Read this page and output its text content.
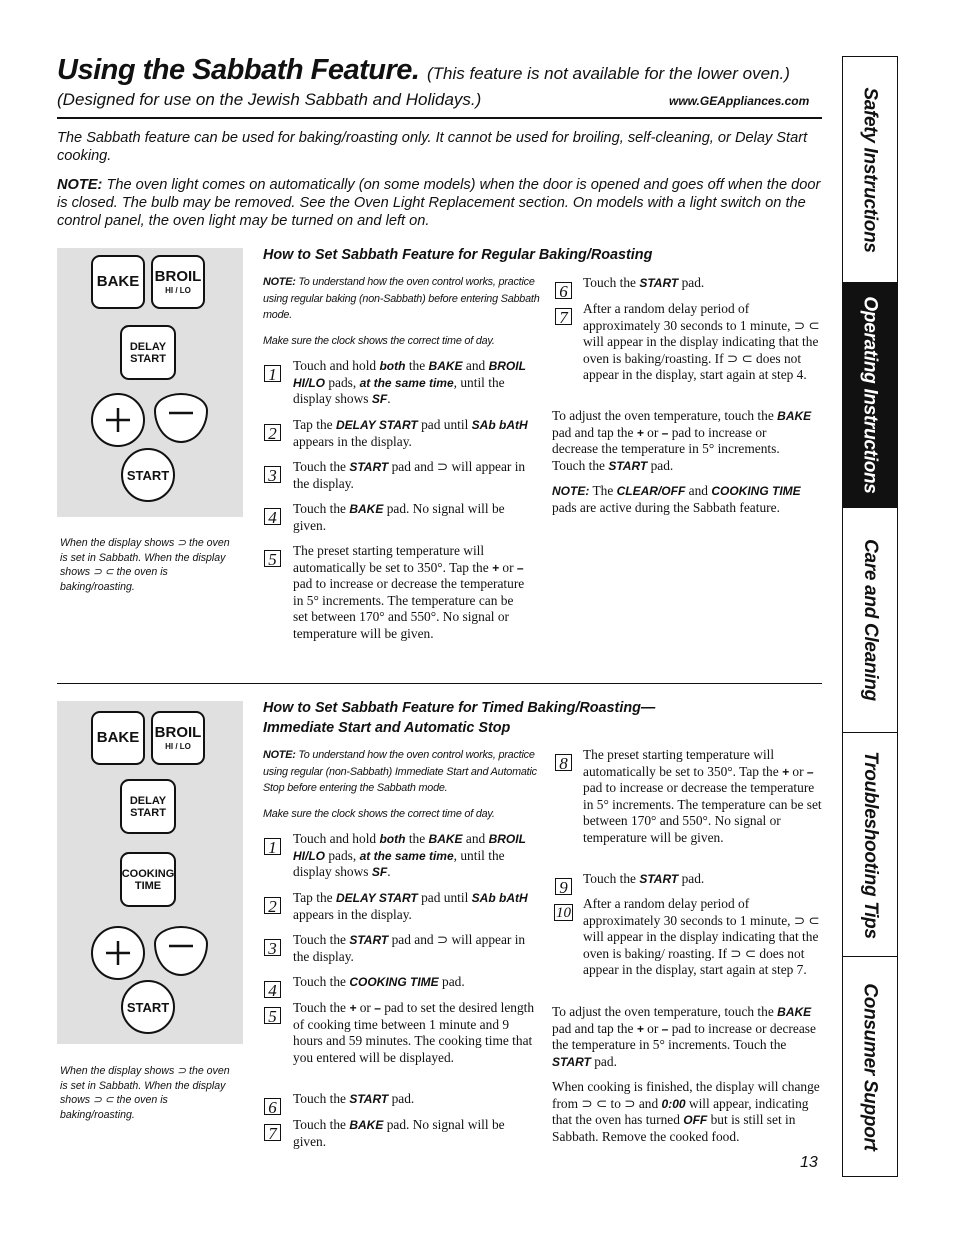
Using the Sabbath Feature. (This feature is not available for the lower oven.)
(Designed for use on the Jewish Sabbath and Holidays.)	www.GEAppliances.com
The Sabbath feature can be used for baking/roasting only. It cannot be used for broiling, self-cleaning, or Delay Start cooking.
NOTE: The oven light comes on automatically (on some models) when the door is opened and goes off when the door is closed. The bulb may be removed. See the Oven Light Replacement section. On models with a light switch on the control panel, the oven light may be turned on and left on.
BAKE BROIL
HI / LO
DELAY
START
START
When the display shows ⊃ the oven is set in Sabbath. When the display shows ⊃ ⊂ the oven is baking/roasting.
How to Set Sabbath Feature for Regular Baking/Roasting
NOTE: To understand how the oven control works, practice using regular baking (non-Sabbath) before entering Sabbath mode.
Make sure the clock shows the correct time of day.
1	Touch and hold both the BAKE and BROIL HI/LO pads, at the same time, until the display shows SF.
2	Tap the DELAY START pad until SAb bAtH appears in the display.
3	Touch the START pad and ⊃ will appear in the display.
4	Touch the BAKE pad. No signal will be given.
5	The preset starting temperature will automatically be set to 350°. Tap the + or – pad to increase or decrease the temperature in 5° increments. The temperature can be set between 170° and 550°. No signal or temperature will be given.
6	Touch the START pad.
7	After a random delay period of approximately 30 seconds to 1 minute, ⊃ ⊂ will appear in the display indicating that the oven is baking/roasting. If ⊃ ⊂ does not appear in the display, start again at step 4.
To adjust the oven temperature, touch the BAKE pad and tap the + or – pad to increase or decrease the temperature in 5° increments. Touch the START pad.
NOTE: The CLEAR/OFF and COOKING TIME pads are active during the Sabbath feature.
BAKE BROIL
HI / LO
DELAY
START
COOKING
TIME
START
When the display shows ⊃ the oven is set in Sabbath. When the display shows ⊃ ⊂ the oven is baking/roasting.
How to Set Sabbath Feature for Timed Baking/Roasting—
Immediate Start and Automatic Stop
NOTE: To understand how the oven control works, practice using regular (non-Sabbath) Immediate Start and Automatic Stop before entering the Sabbath mode.
Make sure the clock shows the correct time of day.
1	Touch and hold both the BAKE and BROIL HI/LO pads, at the same time, until the display shows SF.
2	Tap the DELAY START pad until SAb bAtH appears in the display.
3	Touch the START pad and ⊃ will appear in the display.
4	Touch the COOKING TIME pad.
5	Touch the + or – pad to set the desired length of cooking time between 1 minute and 9 hours and 59 minutes. The cooking time that you entered will be displayed.
6	Touch the START pad.
7	Touch the BAKE pad. No signal will be given.
8	The preset starting temperature will automatically be set to 350°. Tap the + or – pad to increase or decrease the temperature in 5° increments. The temperature can be set between 170° and 550°. No signal or temperature will be given.
9	Touch the START pad.
10
After a random delay period of approximately 30 seconds to 1 minute, ⊃ ⊂ will appear in the display indicating that the oven is baking/ roasting. If ⊃ ⊂ does not appear in the display, start again at step 7.
To adjust the oven temperature, touch the BAKE pad and tap the + or – pad to increase or decrease the temperature in 5° increments. Touch the START pad.
When cooking is finished, the display will change from ⊃ ⊂ to ⊃ and 0:00 will appear, indicating that the oven has turned OFF but is still set in Sabbath. Remove the cooked food.
Safety Instructions
Operating Instructions
Care and Cleaning
Troubleshooting Tips
Consumer Support
13
